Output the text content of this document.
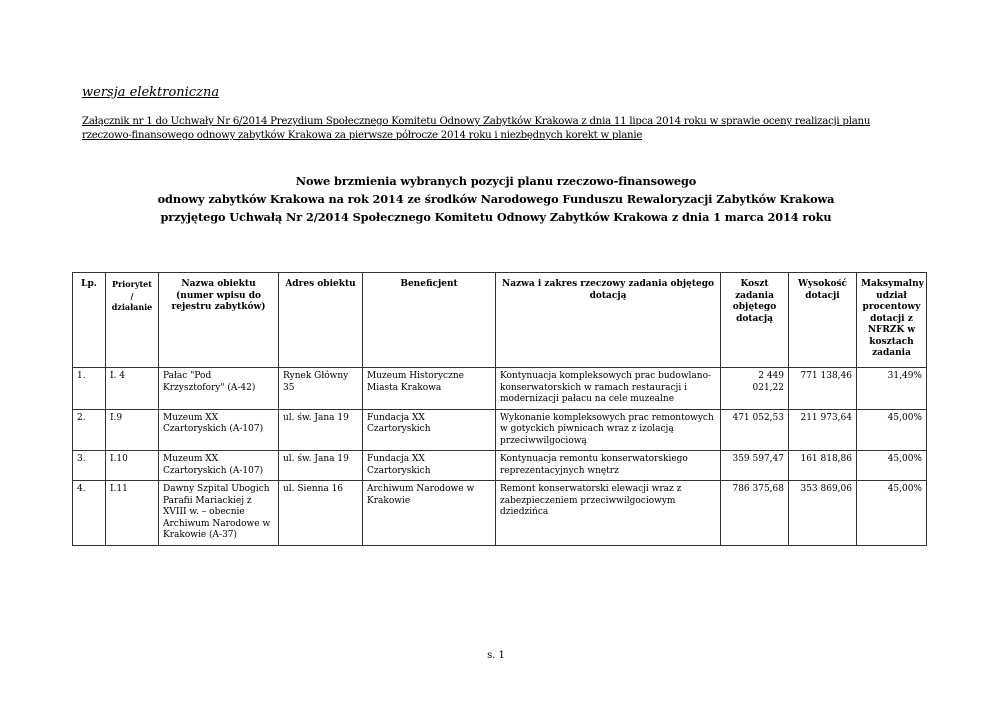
wersja elektroniczna
Załącznik nr 1 do Uchwały Nr 6/2014 Prezydium Społecznego Komitetu Odnowy Zabytków Krakowa z dnia 11 lipca 2014 roku w sprawie oceny realizacji planu rzeczowo-finansowego odnowy zabytków Krakowa za pierwsze półrocze 2014 roku i niezbędnych korekt w planie
Nowe brzmienia wybranych pozycji planu rzeczowo-finansowego
odnowy zabytków Krakowa na rok 2014 ze środków Narodowego Funduszu Rewaloryzacji Zabytków Krakowa
przyjętego Uchwałą Nr 2/2014 Społecznego Komitetu Odnowy Zabytków Krakowa z dnia 1 marca 2014 roku
Lp.	Priorytet / działanie	Nazwa obiektu (numer wpisu do rejestru zabytków)	Adres obiektu	Beneficjent	Nazwa i zakres rzeczowy zadania objętego dotacją	Koszt zadania objętego dotacją	Wysokość dotacji	Maksymalny udział procentowy dotacji z NFRZK w kosztach zadania
1.	I. 4	Pałac "Pod Krzysztofory" (A-42)	Rynek Główny 35	Muzeum Historyczne Miasta Krakowa	Kontynuacja kompleksowych prac budowlano-konserwatorskich w ramach restauracji i modernizacji pałacu na cele muzealne	2 449 021,22	771 138,46	31,49%
2.	I.9	Muzeum XX Czartoryskich (A-107)	ul. św. Jana 19	Fundacja XX Czartoryskich	Wykonanie kompleksowych prac remontowych w gotyckich piwnicach wraz z izolacją przeciwwilgociową	471 052,53	211 973,64	45,00%
3.	I.10	Muzeum XX Czartoryskich (A-107)	ul. św. Jana 19	Fundacja XX Czartoryskich	Kontynuacja remontu konserwatorskiego reprezentacyjnych wnętrz	359 597,47	161 818,86	45,00%
4.	I.11	Dawny Szpital Ubogich Parafii Mariackiej z XVIII w. – obecnie Archiwum Narodowe w Krakowie (A-37)	ul. Sienna 16	Archiwum Narodowe w Krakowie	Remont konserwatorski elewacji wraz z zabezpieczeniem przeciwwilgociowym dziedzińca	786 375,68	353 869,06	45,00%
s. 1
